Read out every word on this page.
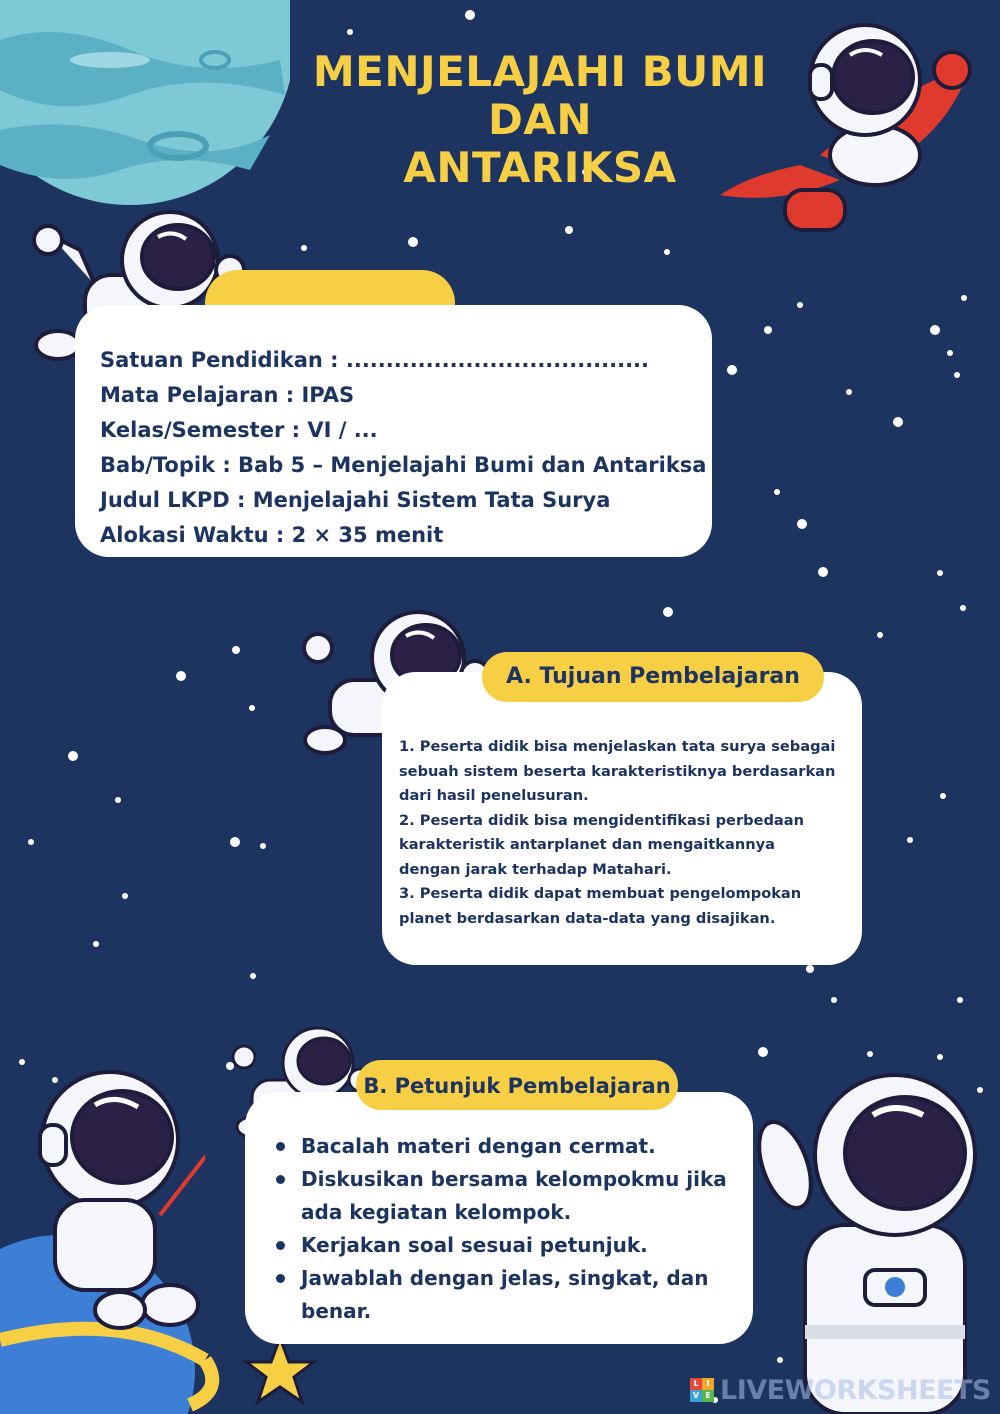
MENJELAJAHI BUMI
DAN
ANTARIKSA
Satuan Pendidikan : ......................................
Mata Pelajaran : IPAS
Kelas/Semester : VI / ...
Bab/Topik : Bab 5 – Menjelajahi Bumi dan Antariksa
Judul LKPD : Menjelajahi Sistem Tata Surya
Alokasi Waktu : 2 × 35 menit
A. Tujuan Pembelajaran
1. Peserta didik bisa menjelaskan tata surya sebagai
sebuah sistem beserta karakteristiknya berdasarkan
dari hasil penelusuran.
2. Peserta didik bisa mengidentifikasi perbedaan
karakteristik antarplanet dan mengaitkannya
dengan jarak terhadap Matahari.
3. Peserta didik dapat membuat pengelompokan
planet berdasarkan data-data yang disajikan.
B. Petunjuk Pembelajaran
Bacalah materi dengan cermat.
Diskusikan bersama kelompokmu jika
ada kegiatan kelompok.
Kerjakan soal sesuai petunjuk.
Jawablah dengan jelas, singkat, dan
benar.
L I
V E LIVEWORKSHEETS
